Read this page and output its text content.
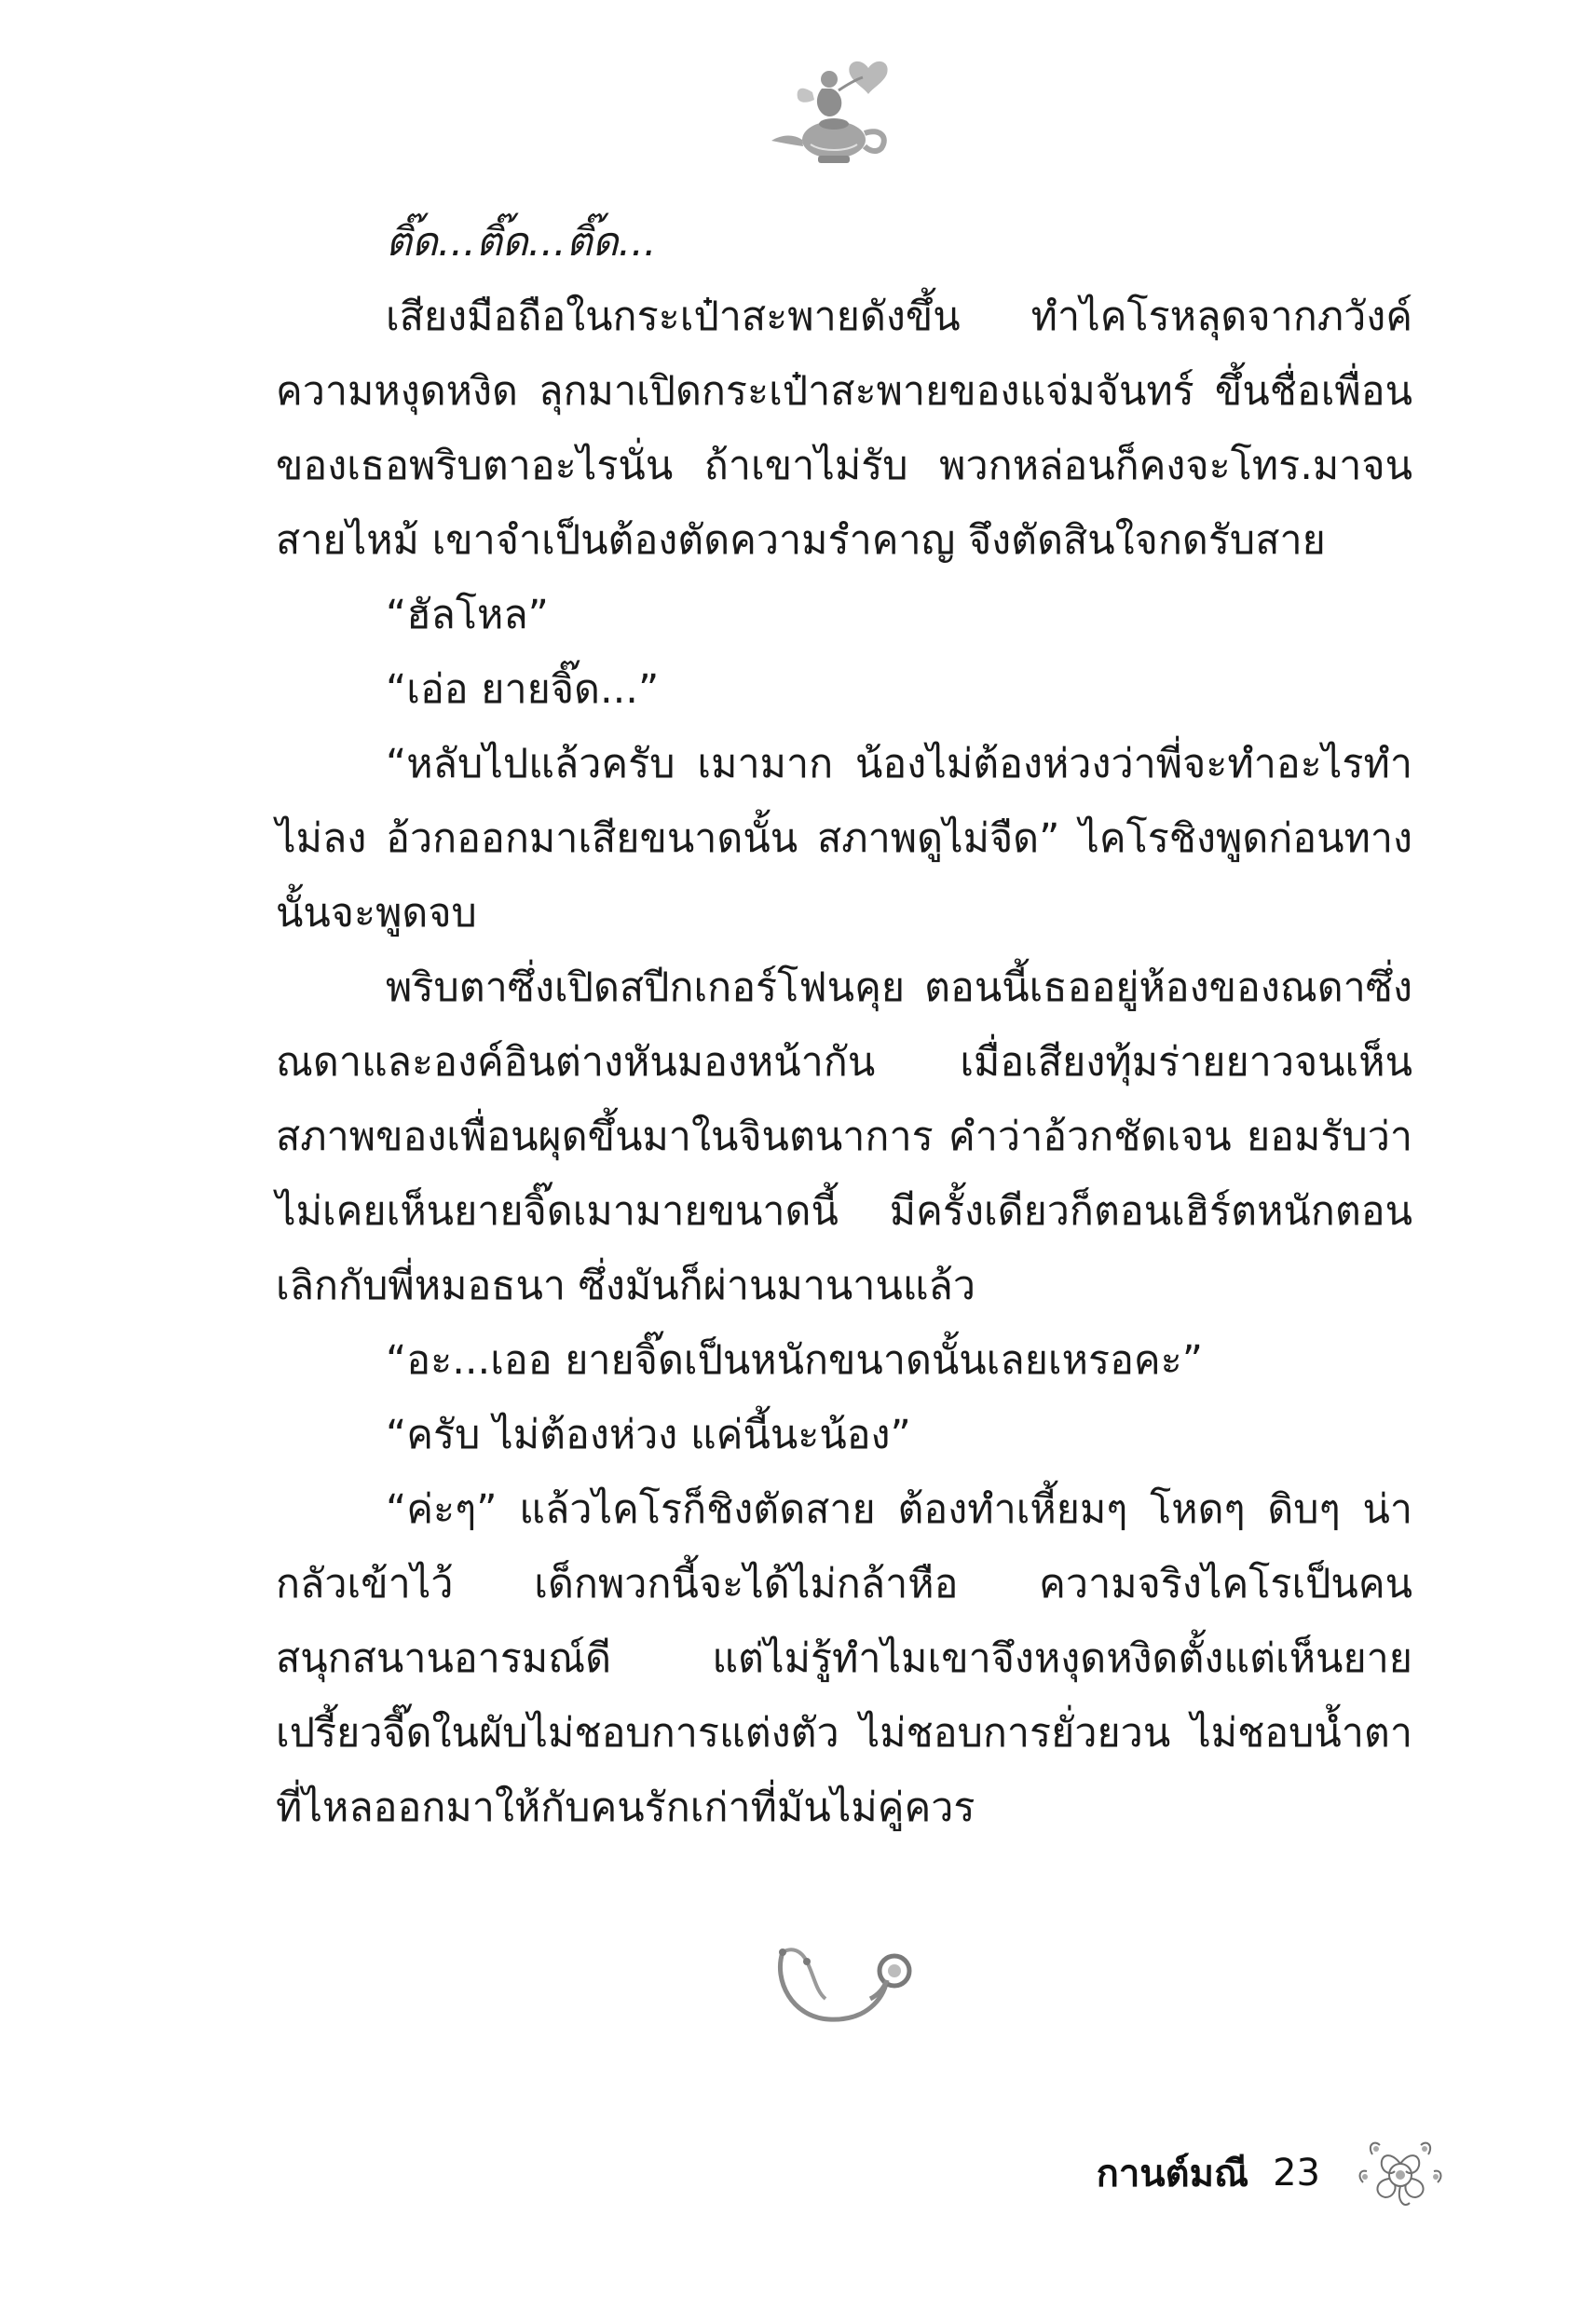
ติ๊ด...ติ๊ด...ติ๊ด...

เสียงมือถือในกระเป๋าสะพายดังขึ้น ทำไคโรหลุดจากภวังค์ความหงุดหงิด ลุกมาเปิดกระเป๋าสะพายของแจ่มจันทร์ ขึ้นชื่อเพื่อนของเธอพริบตาอะไรนั่น ถ้าเขาไม่รับ พวกหล่อนก็คงจะโทร.มาจนสายไหม้ เขาจำเป็นต้องตัดความรำคาญ จึงตัดสินใจกดรับสาย

“ฮัลโหล”

“เอ่อ ยายจิ๊ด...”

“หลับไปแล้วครับ เมามาก น้องไม่ต้องห่วงว่าพี่จะทำอะไรทำไม่ลง อ้วกออกมาเสียขนาดนั้น สภาพดูไม่จืด” ไคโรชิงพูดก่อนทางนั้นจะพูดจบ

พริบตาซึ่งเปิดสปีกเกอร์โฟนคุย ตอนนี้เธออยู่ห้องของณดาซึ่งณดาและองค์อินต่างหันมองหน้ากัน เมื่อเสียงทุ้มร่ายยาวจนเห็นสภาพของเพื่อนผุดขึ้นมาในจินตนาการ คำว่าอ้วกชัดเจน ยอมรับว่าไม่เคยเห็นยายจิ๊ดเมามายขนาดนี้ มีครั้งเดียวก็ตอนเฮิร์ตหนักตอนเลิกกับพี่หมอธนา ซึ่งมันก็ผ่านมานานแล้ว

“อะ...เออ ยายจิ๊ดเป็นหนักขนาดนั้นเลยเหรอคะ”

“ครับ ไม่ต้องห่วง แค่นี้นะน้อง”

“ค่ะๆ” แล้วไคโรก็ชิงตัดสาย ต้องทำเหี้ยมๆ โหดๆ ดิบๆ น่ากลัวเข้าไว้ เด็กพวกนี้จะได้ไม่กล้าหือ ความจริงไคโรเป็นคนสนุกสนานอารมณ์ดี แต่ไม่รู้ทำไมเขาจึงหงุดหงิดตั้งแต่เห็นยายเปรี้ยวจี๊ดในผับไม่ชอบการแต่งตัว ไม่ชอบการยั่วยวน ไม่ชอบน้ำตาที่ไหลออกมาให้กับคนรักเก่าที่มันไม่คู่ควร

กานต์มณี 23
